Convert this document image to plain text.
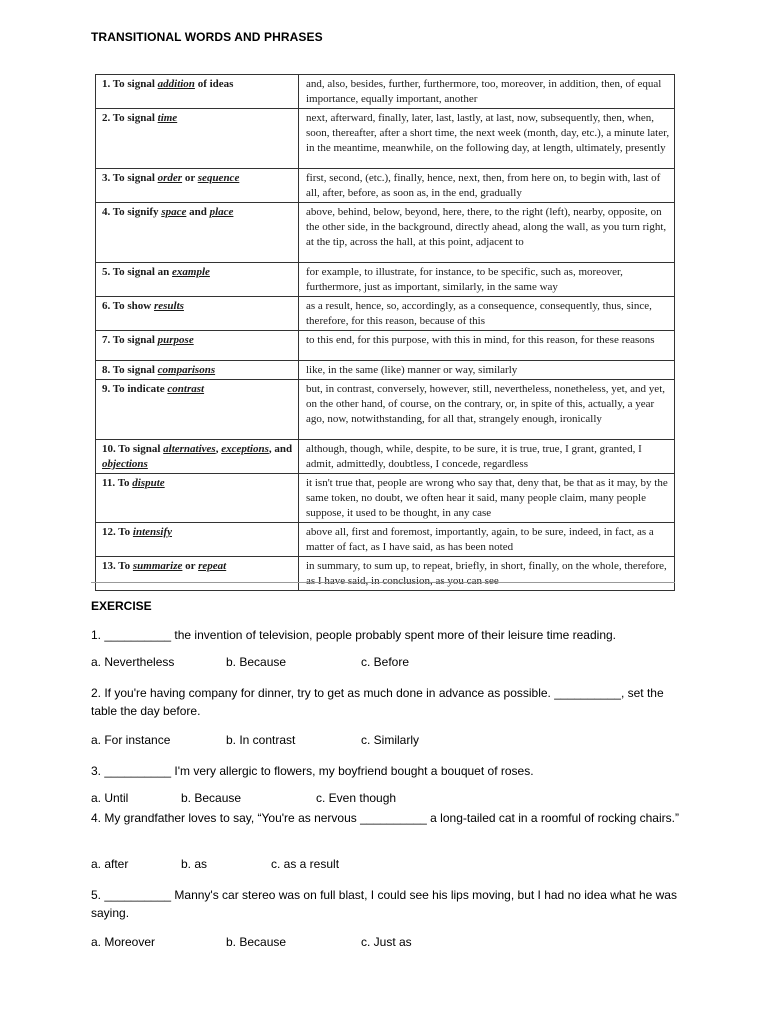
TRANSITIONAL WORDS AND PHRASES
1. To signal addition of ideas	and, also, besides, further, furthermore, too, moreover, in addition, then, of equal importance, equally important, another
2. To signal time	next, afterward, finally, later, last, lastly, at last, now, subsequently, then, when, soon, thereafter, after a short time, the next week (month, day, etc.), a minute later, in the meantime, meanwhile, on the following day, at length, ultimately, presently
3. To signal order or sequence	first, second, (etc.), finally, hence, next, then, from here on, to begin with, last of all, after, before, as soon as, in the end, gradually
4. To signify space and place	above, behind, below, beyond, here, there, to the right (left), nearby, opposite, on the other side, in the background, directly ahead, along the wall, as you turn right, at the tip, across the hall, at this point, adjacent to
5. To signal an example	for example, to illustrate, for instance, to be specific, such as, moreover, furthermore, just as important, similarly, in the same way
6. To show results	as a result, hence, so, accordingly, as a consequence, consequently, thus, since, therefore, for this reason, because of this
7. To signal purpose	to this end, for this purpose, with this in mind, for this reason, for these reasons
8. To signal comparisons	like, in the same (like) manner or way, similarly
9. To indicate contrast	but, in contrast, conversely, however, still, nevertheless, nonetheless, yet, and yet, on the other hand, of course, on the contrary, or, in spite of this, actually, a year ago, now, notwithstanding, for all that, strangely enough, ironically
10. To signal alternatives, exceptions, and objections	although, though, while, despite, to be sure, it is true, true, I grant, granted, I admit, admittedly, doubtless, I concede, regardless
11. To dispute	it isn't true that, people are wrong who say that, deny that, be that as it may, by the same token, no doubt, we often hear it said, many people claim, many people suppose, it used to be thought, in any case
12. To intensify	above all, first and foremost, importantly, again, to be sure, indeed, in fact, as a matter of fact, as I have said, as has been noted
13. To summarize or repeat	in summary, to sum up, to repeat, briefly, in short, finally, on the whole, therefore, as I have said, in conclusion, as you can see
EXERCISE
1. __________ the invention of television, people probably spent more of their leisure time reading.
a. Nevertheless	b. Because	c. Before
2. If you're having company for dinner, try to get as much done in advance as possible. __________, set the table the day before.
a. For instance	b. In contrast	c. Similarly
3. __________ I'm very allergic to flowers, my boyfriend bought a bouquet of roses.
a. Until	b. Because	c. Even though
4. My grandfather loves to say, “You're as nervous __________ a long-tailed cat in a roomful of rocking chairs.”
a. after	b. as	c. as a result
5. __________ Manny's car stereo was on full blast, I could see his lips moving, but I had no idea what he was saying.
a. Moreover	b. Because	c. Just as
